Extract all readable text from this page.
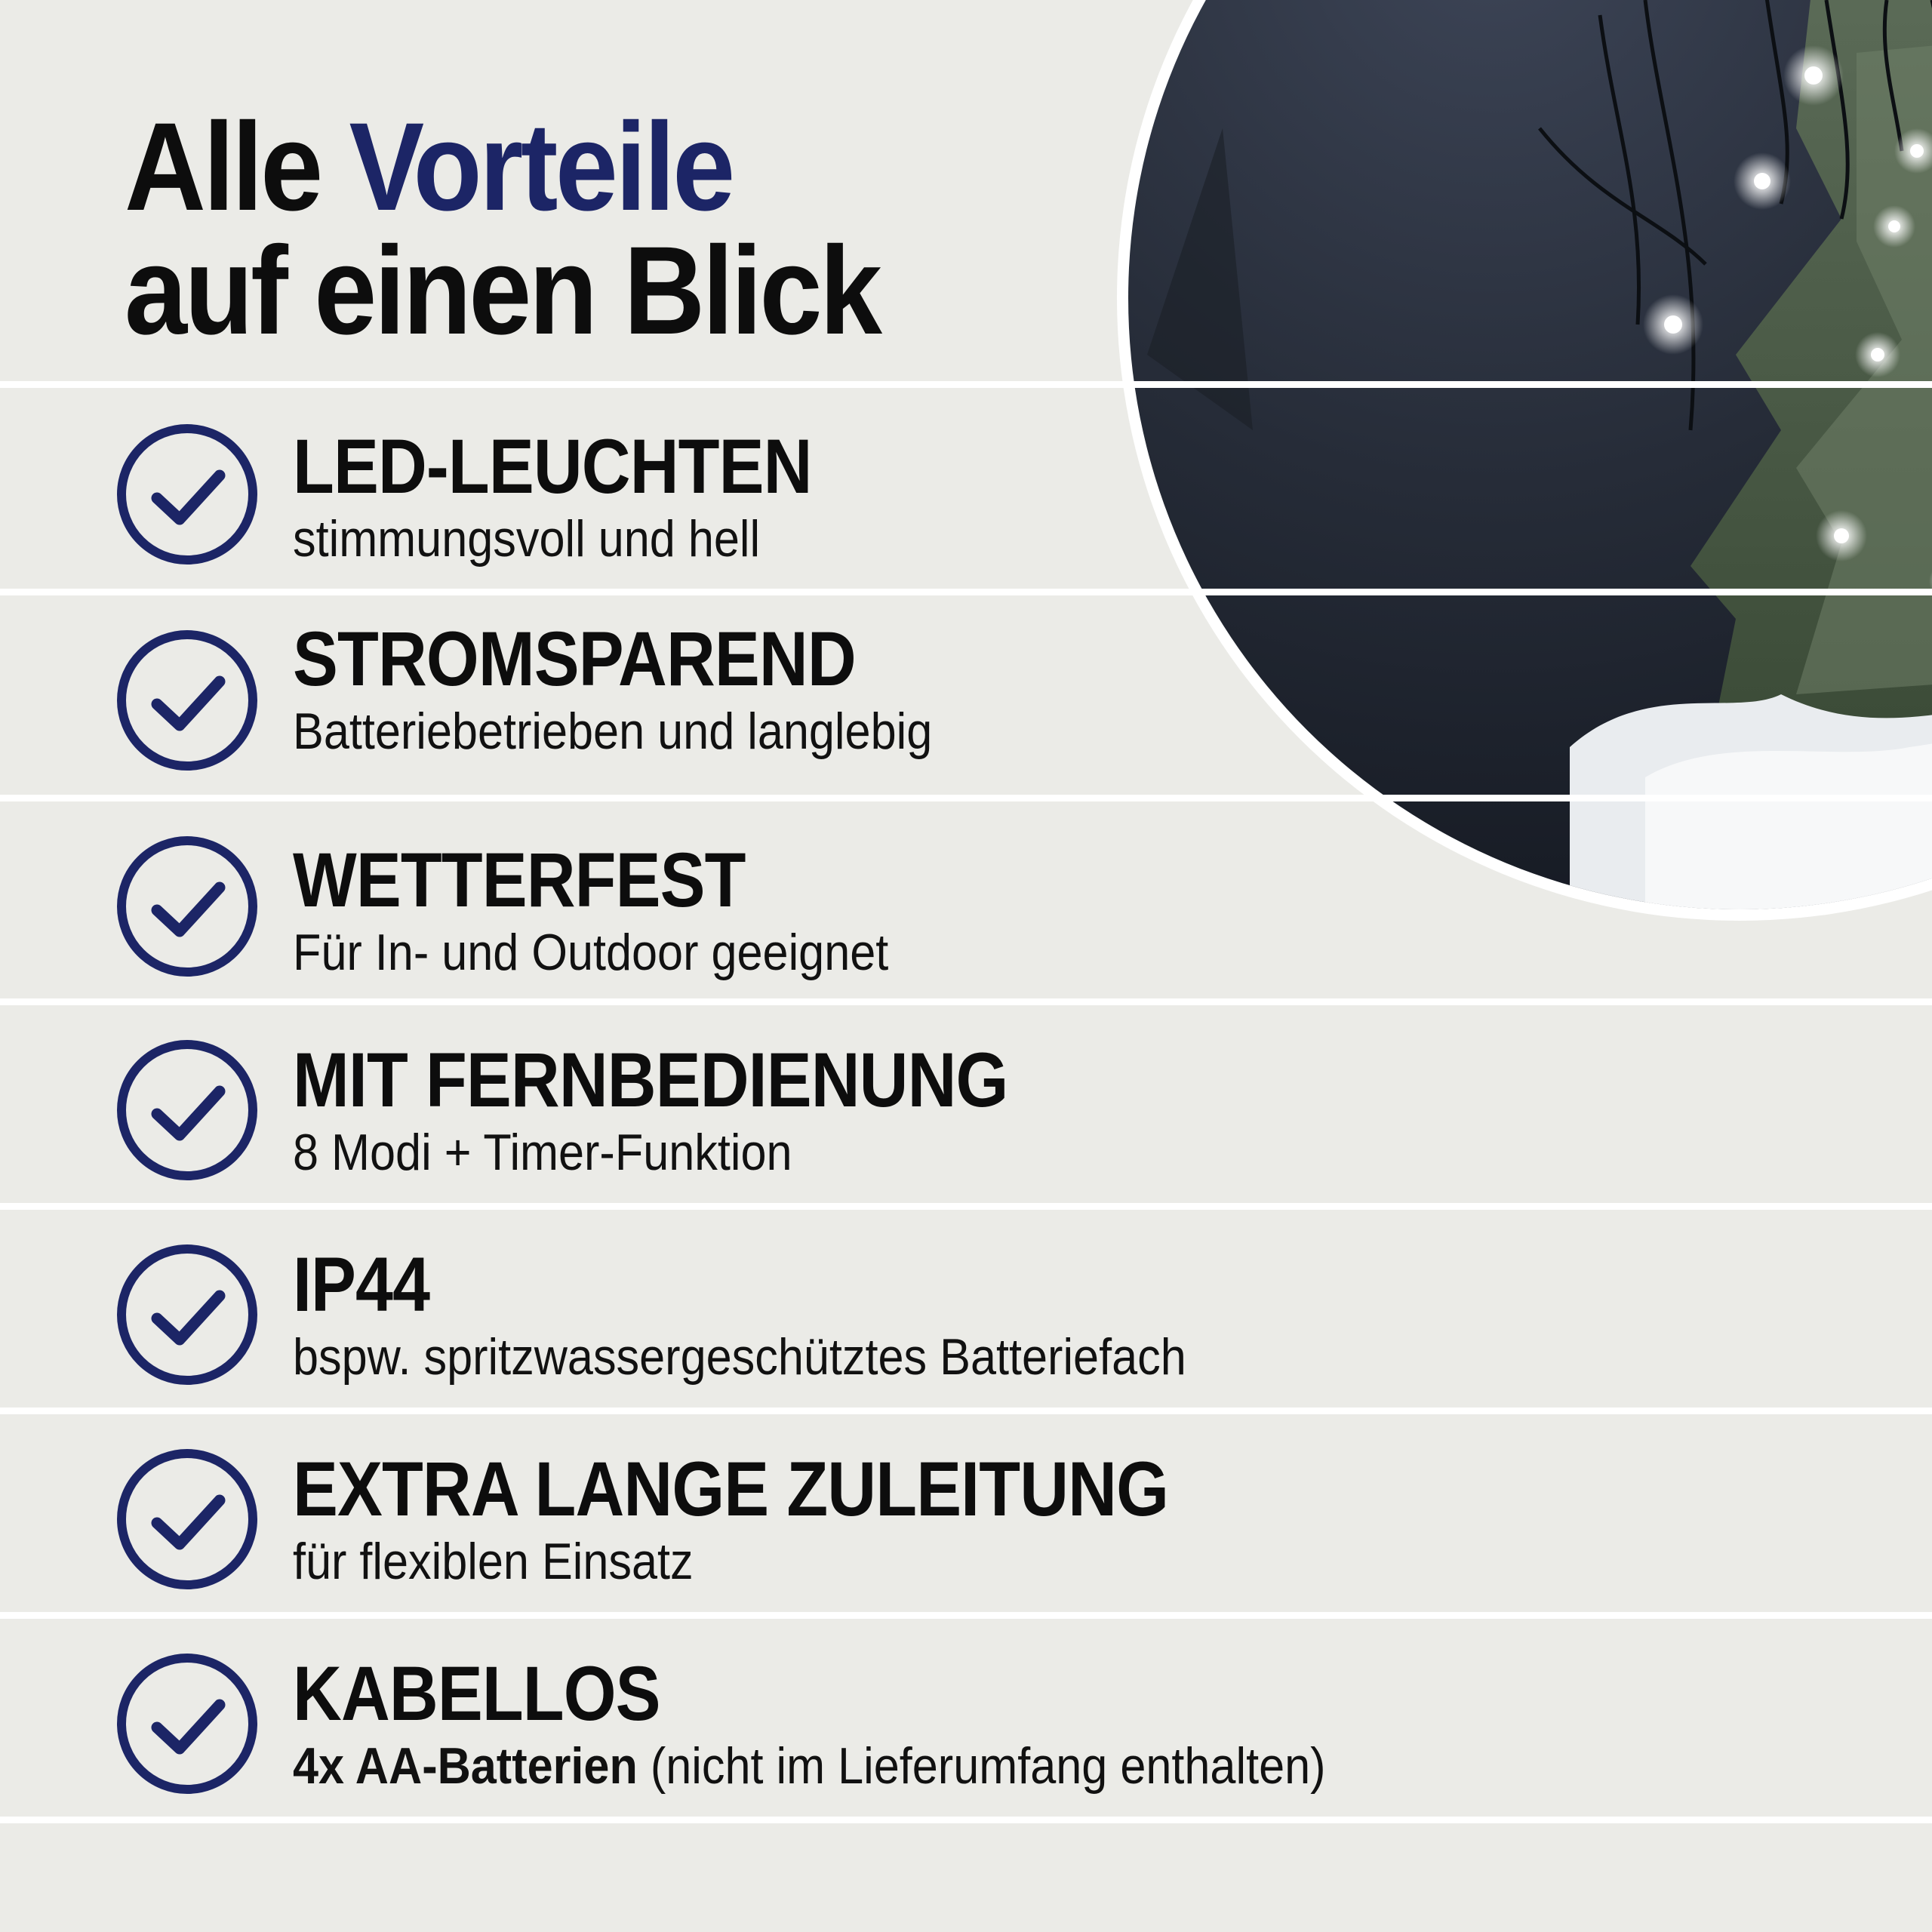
Alle Vorteile
auf einen Blick
LED-LEUCHTEN
stimmungsvoll und hell
STROMSPAREND
Batteriebetrieben und langlebig
WETTERFEST
Für In- und Outdoor geeignet
MIT FERNBEDIENUNG
8 Modi + Timer-Funktion
IP44
bspw. spritzwassergeschütztes Batteriefach
EXTRA LANGE ZULEITUNG
für flexiblen Einsatz
KABELLOS
4x AA-Batterien (nicht im Lieferumfang enthalten)
